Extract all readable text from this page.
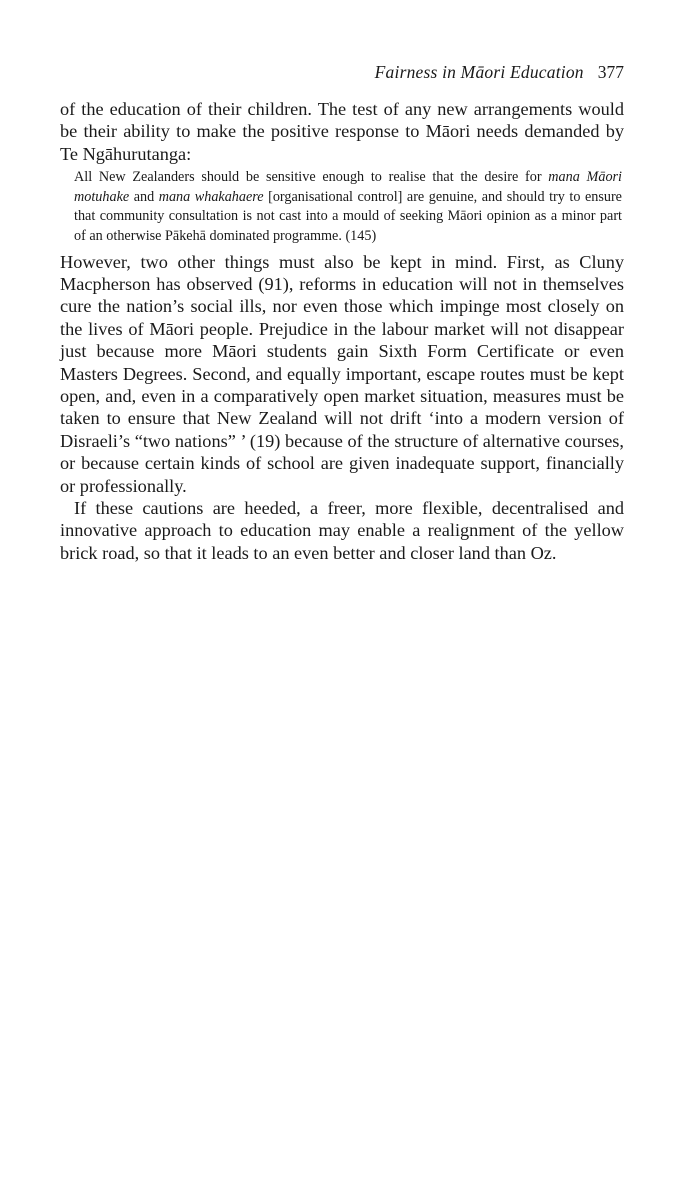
Fairness in Māori Education 377

of the education of their children. The test of any new arrangements would be their ability to make the positive response to Māori needs demanded by Te Ngāhurutanga:

All New Zealanders should be sensitive enough to realise that the desire for mana Māori motuhake and mana whakahaere [organisational control] are genuine, and should try to ensure that community consultation is not cast into a mould of seeking Māori opinion as a minor part of an otherwise Pākehā dominated programme. (145)

However, two other things must also be kept in mind. First, as Cluny Macpherson has observed (91), reforms in education will not in themselves cure the nation’s social ills, nor even those which impinge most closely on the lives of Māori people. Prejudice in the labour market will not disappear just because more Māori students gain Sixth Form Certificate or even Masters Degrees. Second, and equally important, escape routes must be kept open, and, even in a comparatively open market situation, measures must be taken to ensure that New Zealand will not drift ‘into a modern version of Disraeli’s “two nations” ’ (19) because of the structure of alternative courses, or because certain kinds of school are given inadequate support, financially or professionally.

If these cautions are heeded, a freer, more flexible, decentralised and innovative approach to education may enable a realignment of the yellow brick road, so that it leads to an even better and closer land than Oz.
